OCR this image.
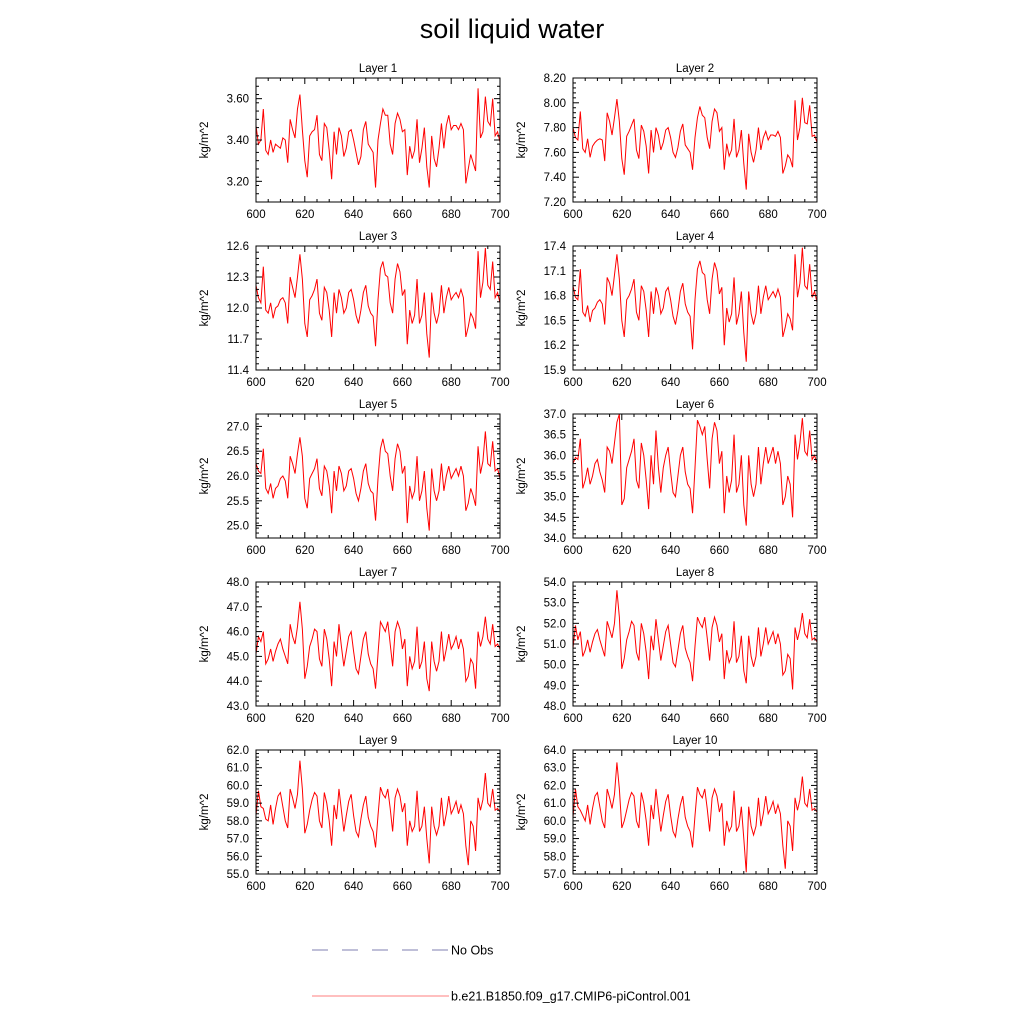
soil liquid water
600	620	640	660	680	700
3.20
3.40
3.60
Layer 1
kg/m^2
600	620	640	660	680	700
7.20
7.40
7.60
7.80
8.00
8.20
Layer 2
kg/m^2
600	620	640	660	680	700
11.4
11.7
12.0
12.3
12.6
Layer 3
kg/m^2
600	620	640	660	680	700
15.9
16.2
16.5
16.8
17.1
17.4
Layer 4
kg/m^2
600	620	640	660	680	700
25.0
25.5
26.0
26.5
27.0
Layer 5
kg/m^2
600	620	640	660	680	700
34.0
34.5
35.0
35.5
36.0
36.5
37.0
Layer 6
kg/m^2
600	620	640	660	680	700
43.0
44.0
45.0
46.0
47.0
48.0
Layer 7
kg/m^2
600	620	640	660	680	700
48.0
49.0
50.0
51.0
52.0
53.0
54.0
Layer 8
kg/m^2
600	620	640	660	680	700
55.0
56.0
57.0
58.0
59.0
60.0
61.0
62.0
Layer 9
kg/m^2
600	620	640	660	680	700
57.0
58.0
59.0
60.0
61.0
62.0
63.0
64.0
Layer 10
kg/m^2
No Obs
b.e21.B1850.f09_g17.CMIP6-piControl.001
